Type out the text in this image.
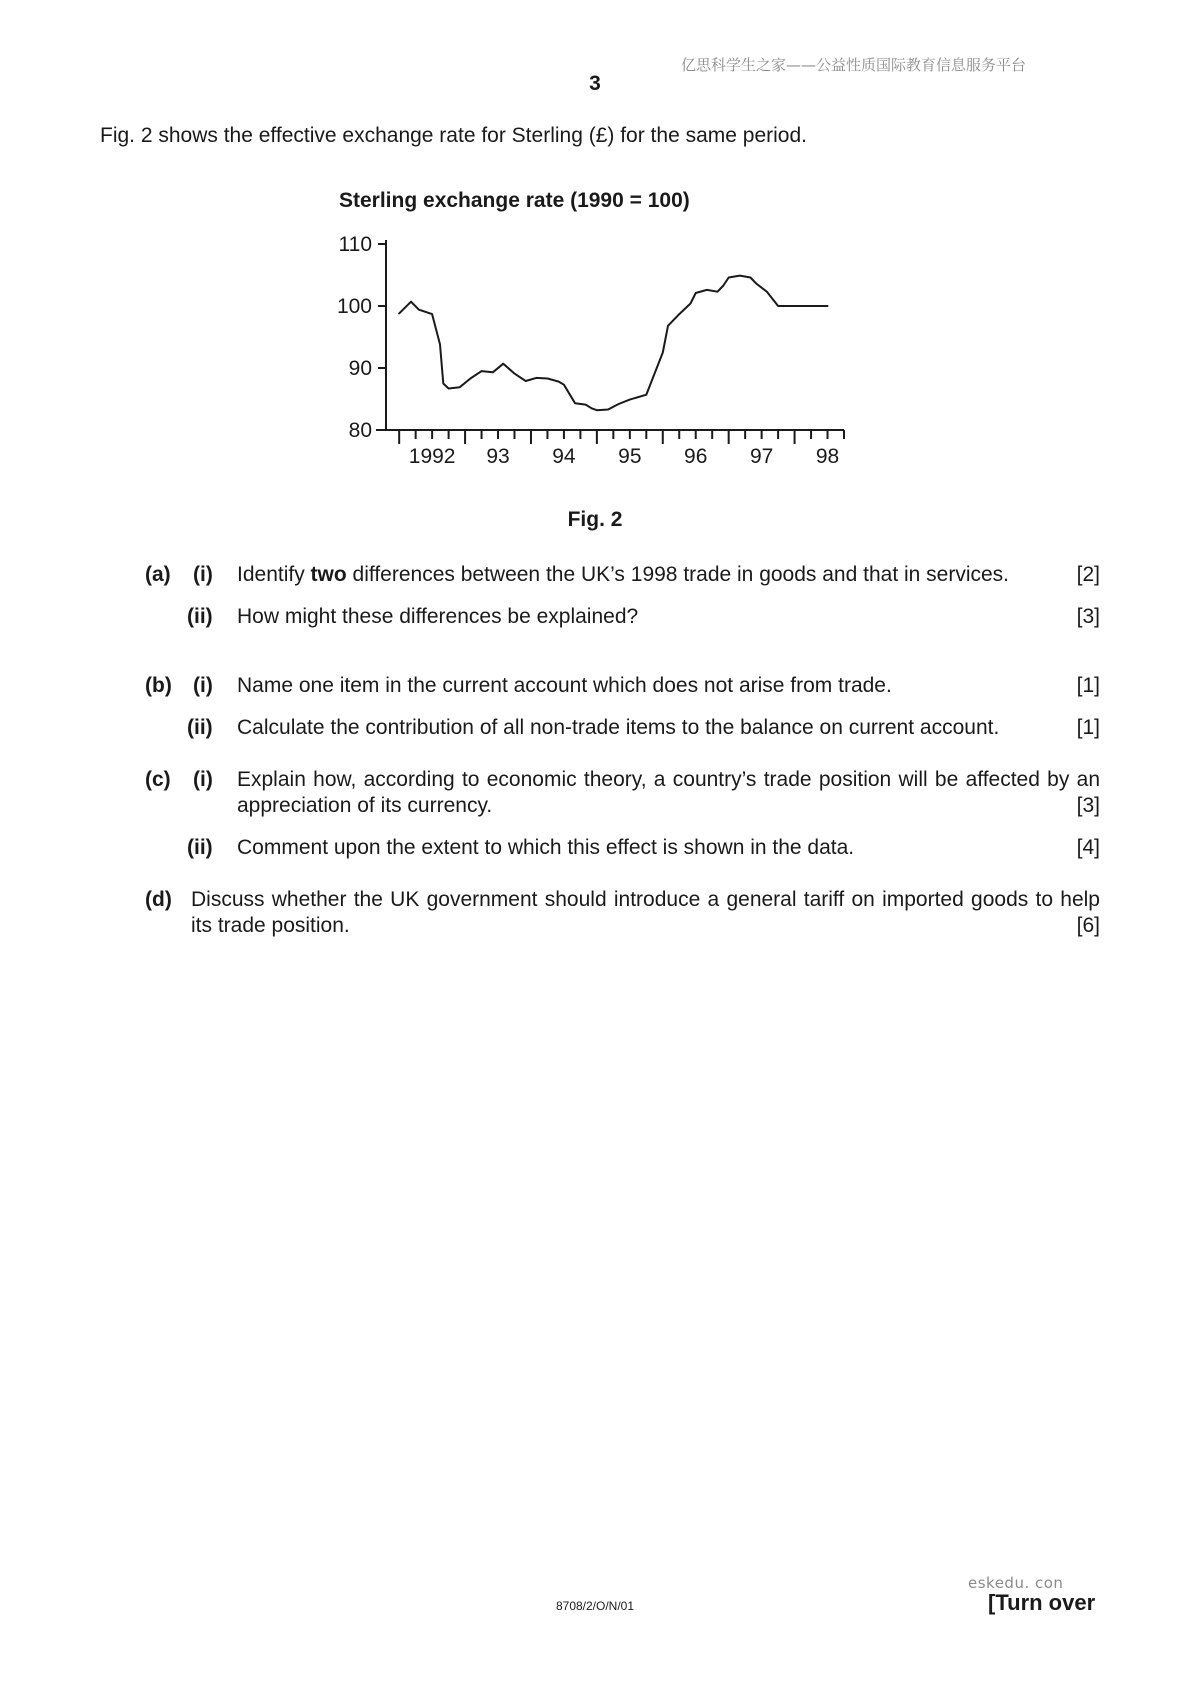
亿思科学生之家——公益性质国际教育信息服务平台
3
Fig. 2 shows the effective exchange rate for Sterling (£) for the same period.
Sterling exchange rate (1990 = 100)
80
90
100
110
1992 93 94 95 96 97 98
Fig. 2
(a) (i) Identify two differences between the UK’s 1998 trade in goods and that in services.	[2]
(ii) How might these differences be explained?	[3]
(b) (i) Name one item in the current account which does not arise from trade.	[1]
(ii) Calculate the contribution of all non-trade items to the balance on current account.	[1]
(c) (i) Explain how, according to economic theory, a country’s trade position will be affected by an appreciation of its currency.	[3]
(ii) Comment upon the extent to which this effect is shown in the data.	[4]
(d) Discuss whether the UK government should introduce a general tariff on imported goods to help its trade position.	[6]
eskedu. con
8708/2/O/N/01	[Turn over
